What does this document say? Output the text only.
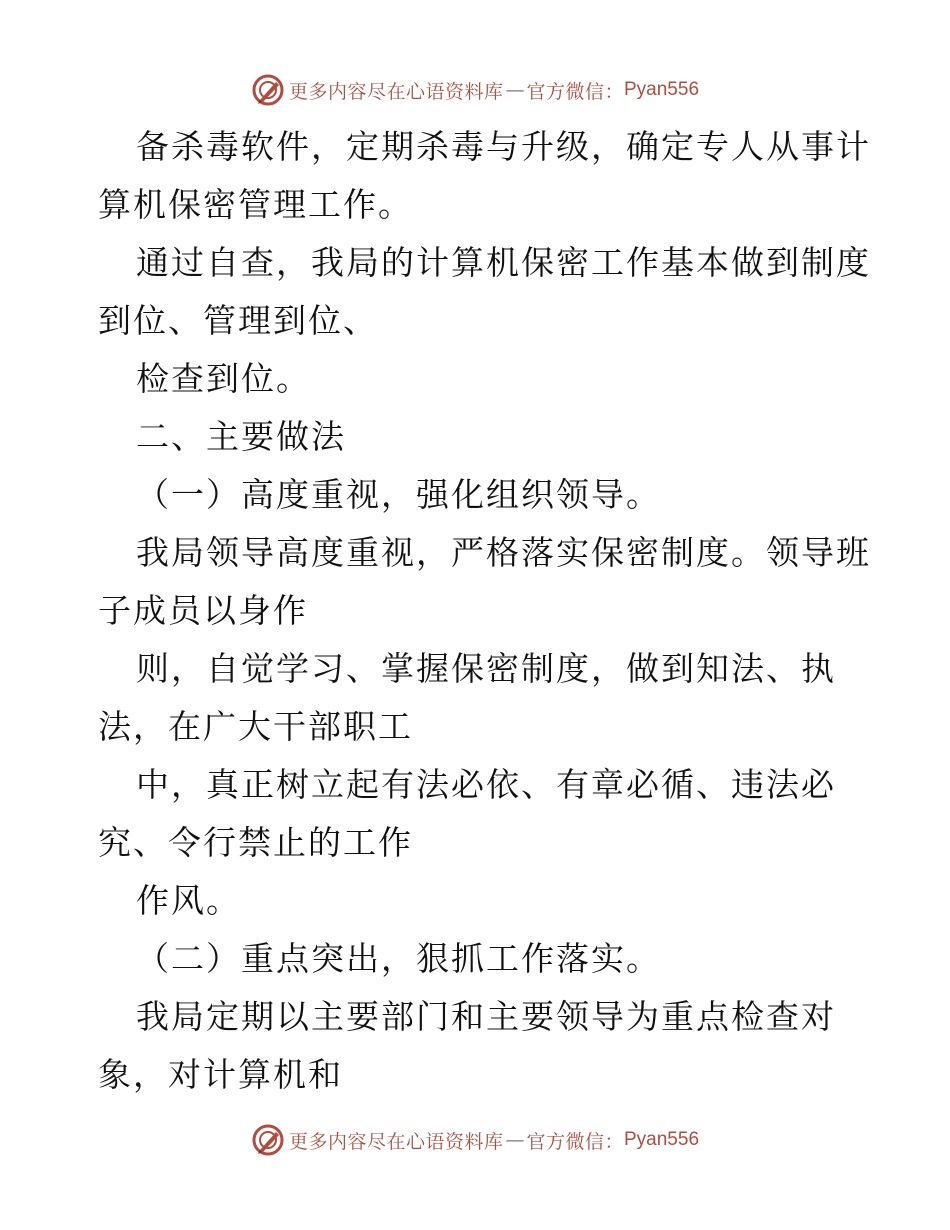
更多内容尽在心语资料库 — 官方微信： Pyan556
备杀毒软件，定期杀毒与升级，确定专人从事计
算机保密管理工作。
通过自查，我局的计算机保密工作基本做到制度
到位、管理到位、
检查到位。
二、主要做法
（一）高度重视，强化组织领导。
我局领导高度重视，严格落实保密制度。领导班
子成员以身作
则，自觉学习、掌握保密制度，做到知法、执
法，在广大干部职工
中，真正树立起有法必依、有章必循、违法必
究、令行禁止的工作
作风。
（二）重点突出，狠抓工作落实。
我局定期以主要部门和主要领导为重点检查对
象，对计算机和
更多内容尽在心语资料库 — 官方微信： Pyan556
